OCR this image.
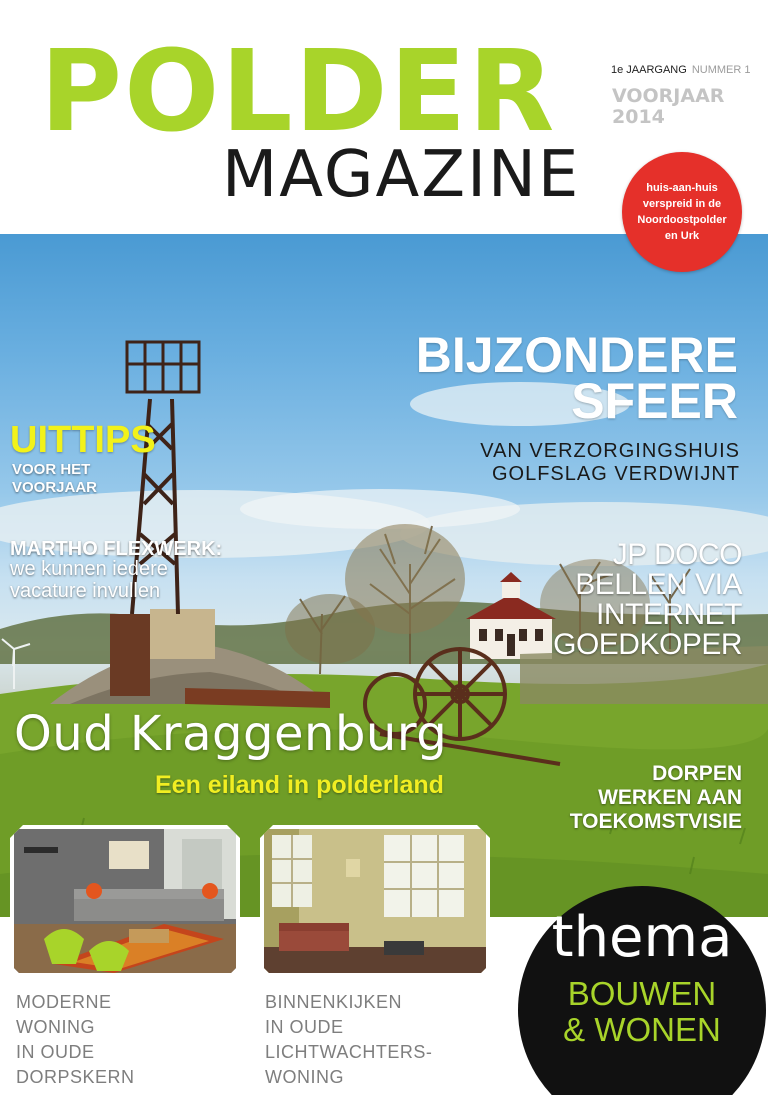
POLDER
MAGAZINE
1e JAARGANG NUMMER 1
VOORJAAR
2014
huis-aan-huis
verspreid in de
Noordoostpolder
en Urk
BIJZONDERE
SFEER
VAN VERZORGINGSHUIS
GOLFSLAG VERDWIJNT
UITTIPS
VOOR HET
VOORJAAR
MARTHO FLEXWERK:
we kunnen iedere
vacature invullen
JP DOCO
BELLEN VIA
INTERNET
GOEDKOPER
Oud Kraggenburg
Een eiland in polderland	DORPEN
WERKEN AAN
TOEKOMSTVISIE
MODERNE
WONING
IN OUDE
DORPSKERN
BINNENKIJKEN
IN OUDE
LICHTWACHTERS-
WONING
thema
BOUWEN
& WONEN
